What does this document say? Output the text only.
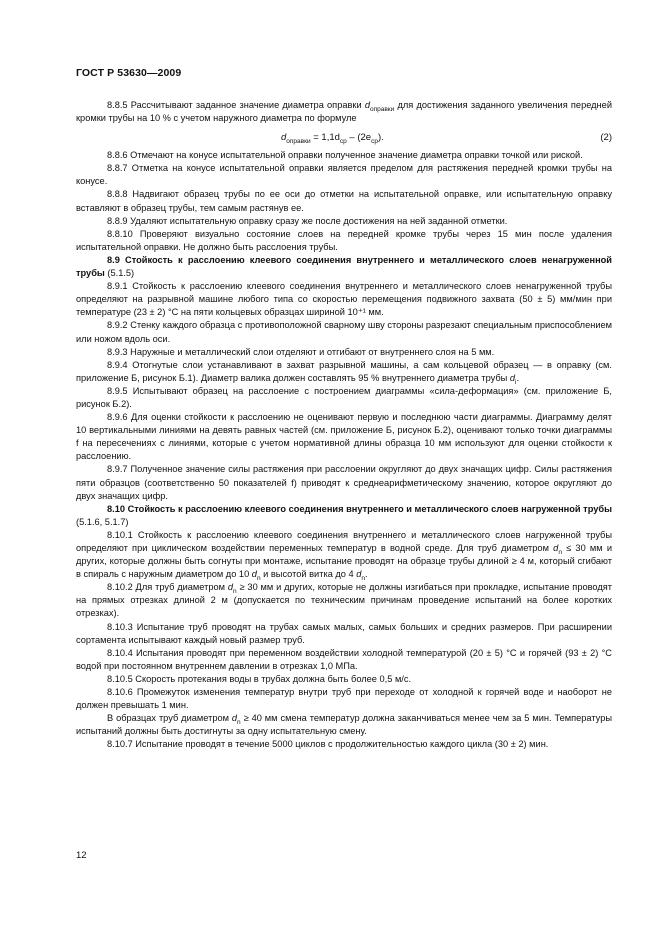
ГОСТ Р 53630—2009

8.8.5 Рассчитывают заданное значение диаметра оправки $d_{оправки}$ для достижения заданного увеличения передней кромки трубы на 10 % с учетом наружного диаметра по формуле

$d_{оправки} = 1,1d_{ср} - (2e_{ср})$.	(2)

8.8.6 Отмечают на конусе испытательной оправки полученное значение диаметра оправки точкой или риской.

8.8.7 Отметка на конусе испытательной оправки является пределом для растяжения передней кромки трубы на конусе.

8.8.8 Надвигают образец трубы по ее оси до отметки на испытательной оправке, или испытательную оправку вставляют в образец трубы, тем самым растянув ее.

8.8.9 Удаляют испытательную оправку сразу же после достижения на ней заданной отметки.

8.8.10 Проверяют визуально состояние слоев на передней кромке трубы через 15 мин после удаления испытательной оправки. Не должно быть расслоения трубы.

8.9 Стойкость к расслоению клеевого соединения внутреннего и металлического слоев ненагруженной трубы (5.1.5)

8.9.1 Стойкость к расслоению клеевого соединения внутреннего и металлического слоев ненагруженной трубы определяют на разрывной машине любого типа со скоростью перемещения подвижного захвата (50 ± 5) мм/мин при температуре (23 ± 2) °С на пяти кольцевых образцах шириной 10⁺¹ мм.

8.9.2 Стенку каждого образца с противоположной сварному шву стороны разрезают специальным приспособлением или ножом вдоль оси.

8.9.3 Наружные и металлический слои отделяют и отгибают от внутреннего слоя на 5 мм.

8.9.4 Отогнутые слои устанавливают в захват разрывной машины, а сам кольцевой образец — в оправку (см. приложение Б, рисунок Б.1). Диаметр валика должен составлять 95 % внутреннего диаметра трубы $d_i$.

8.9.5 Испытывают образец на расслоение с построением диаграммы «сила-деформация» (см. приложение Б, рисунок Б.2).

8.9.6 Для оценки стойкости к расслоению не оценивают первую и последнюю части диаграммы. Диаграмму делят 10 вертикальными линиями на девять равных частей (см. приложение Б, рисунок Б.2), оценивают только точки диаграммы f на пересечениях с линиями, которые с учетом нормативной длины образца 10 мм используют для оценки стойкости к расслоению.

8.9.7 Полученное значение силы растяжения при расслоении округляют до двух значащих цифр. Силы растяжения пяти образцов (соответственно 50 показателей f) приводят к среднеарифметическому значению, которое округляют до двух значащих цифр.

8.10 Стойкость к расслоению клеевого соединения внутреннего и металлического слоев нагруженной трубы (5.1.6, 5.1.7)

8.10.1 Стойкость к расслоению клеевого соединения внутреннего и металлического слоев нагруженной трубы определяют при циклическом воздействии переменных температур в водной среде. Для труб диаметром $d_n \le 30$ мм и других, которые должны быть согнуты при монтаже, испытание проводят на образце трубы длиной ≥ 4 м, который сгибают в спираль с наружным диаметром до 10 $d_n$ и высотой витка до 4 $d_n$.

8.10.2 Для труб диаметром $d_n \ge 30$ мм и других, которые не должны изгибаться при прокладке, испытание проводят на прямых отрезках длиной 2 м (допускается по техническим причинам проведение испытаний на более коротких отрезках).

8.10.3 Испытание труб проводят на трубах самых малых, самых больших и средних размеров. При расширении сортамента испытывают каждый новый размер труб.

8.10.4 Испытания проводят при переменном воздействии холодной температурой (20 ± 5) °С и горячей (93 ± 2) °С водой при постоянном внутреннем давлении в отрезках 1,0 МПа.

8.10.5 Скорость протекания воды в трубах должна быть более 0,5 м/с.

8.10.6 Промежуток изменения температур внутри труб при переходе от холодной к горячей воде и наоборот не должен превышать 1 мин.

В образцах труб диаметром $d_n \ge 40$ мм смена температур должна заканчиваться менее чем за 5 мин. Температуры испытаний должны быть достигнуты за одну испытательную смену.

8.10.7 Испытание проводят в течение 5000 циклов с продолжительностью каждого цикла (30 ± 2) мин.

12
